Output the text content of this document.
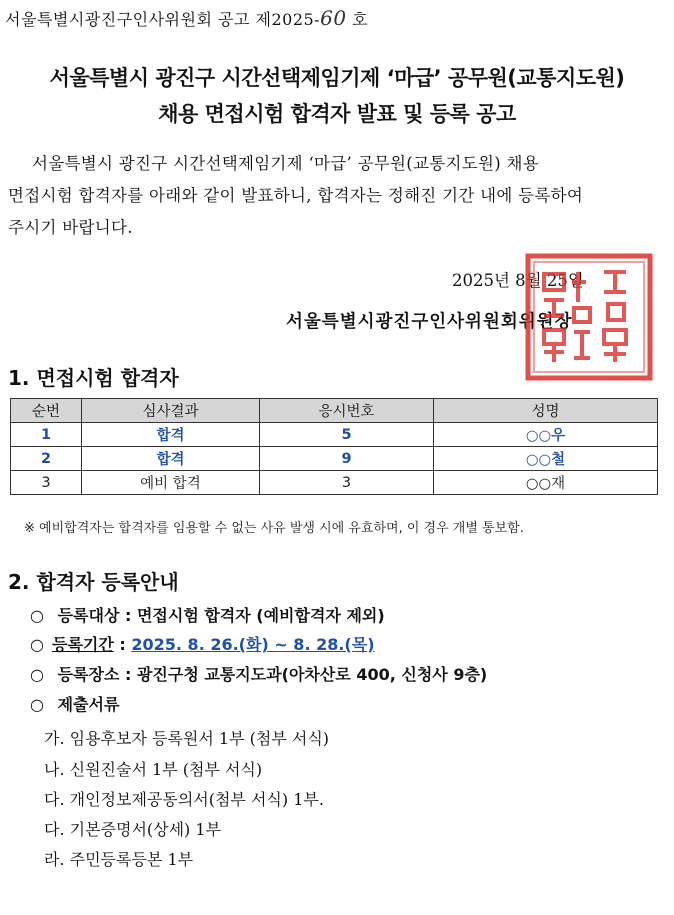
서울특별시광진구인사위원회 공고 제2025-60 호
서울특별시 광진구 시간선택제임기제 ‘마급’ 공무원(교통지도원)
채용 면접시험 합격자 발표 및 등록 공고
서울특별시 광진구 시간선택제임기제 ‘마급’ 공무원(교통지도원) 채용
면접시험 합격자를 아래와 같이 발표하니, 합격자는 정해진 기간 내에 등록하여
주시기 바랍니다.
2025년 8월 25일
서울특별시광진구인사위원회위원장
1. 면접시험 합격자
순번	심사결과	응시번호	성명
1	합격	5	○○우
2	합격	9	○○철
3	예비 합격	3	○○재
※ 예비합격자는 합격자를 임용할 수 없는 사유 발생 시에 유효하며, 이 경우 개별 통보함.
2. 합격자 등록안내
○ 등록대상 : 면접시험 합격자 (예비합격자 제외)
○ 등록기간 : 2025. 8. 26.(화) ~ 8. 28.(목)
○ 등록장소 : 광진구청 교통지도과(아차산로 400, 신청사 9층)
○ 제출서류
가. 임용후보자 등록원서 1부 (첨부 서식)
나. 신원진술서 1부 (첨부 서식)
다. 개인정보제공동의서(첨부 서식) 1부.
다. 기본증명서(상세) 1부
라. 주민등록등본 1부
